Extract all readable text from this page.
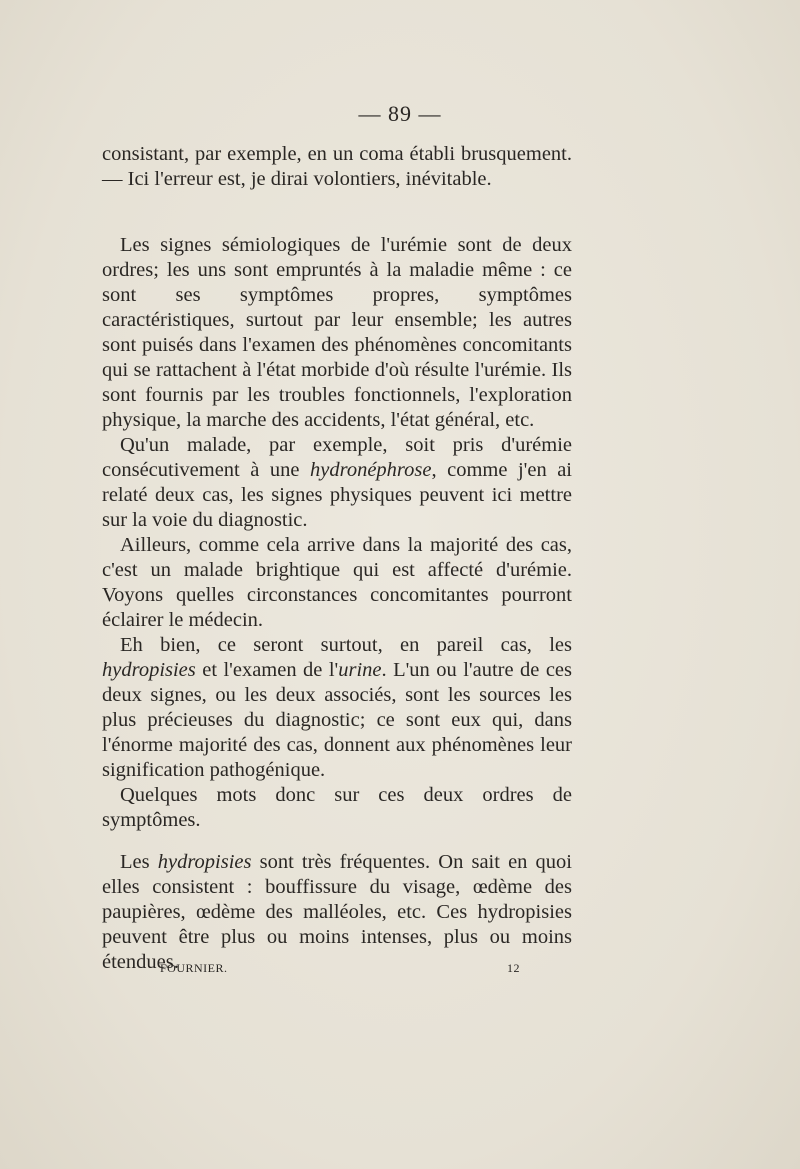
— 89 —

consistant, par exemple, en un coma établi brusquement. — Ici l'erreur est, je dirai volontiers, inévitable.

Les signes sémiologiques de l'urémie sont de deux ordres; les uns sont empruntés à la maladie même : ce sont ses symptômes propres, symptômes caractéristiques, surtout par leur ensemble; les autres sont puisés dans l'examen des phénomènes concomitants qui se rattachent à l'état morbide d'où résulte l'urémie. Ils sont fournis par les troubles fonctionnels, l'exploration physique, la marche des accidents, l'état général, etc.

Qu'un malade, par exemple, soit pris d'urémie consécutivement à une hydronéphrose, comme j'en ai relaté deux cas, les signes physiques peuvent ici mettre sur la voie du diagnostic.

Ailleurs, comme cela arrive dans la majorité des cas, c'est un malade brightique qui est affecté d'urémie. Voyons quelles circonstances concomitantes pourront éclairer le médecin.

Eh bien, ce seront surtout, en pareil cas, les hydropisies et l'examen de l'urine. L'un ou l'autre de ces deux signes, ou les deux associés, sont les sources les plus précieuses du diagnostic; ce sont eux qui, dans l'énorme majorité des cas, donnent aux phénomènes leur signification pathogénique.

Quelques mots donc sur ces deux ordres de symptômes.

Les hydropisies sont très fréquentes. On sait en quoi elles consistent : bouffissure du visage, œdème des paupières, œdème des malléoles, etc. Ces hydropisies peuvent être plus ou moins intenses, plus ou moins étendues.

FOURNIER.	12
